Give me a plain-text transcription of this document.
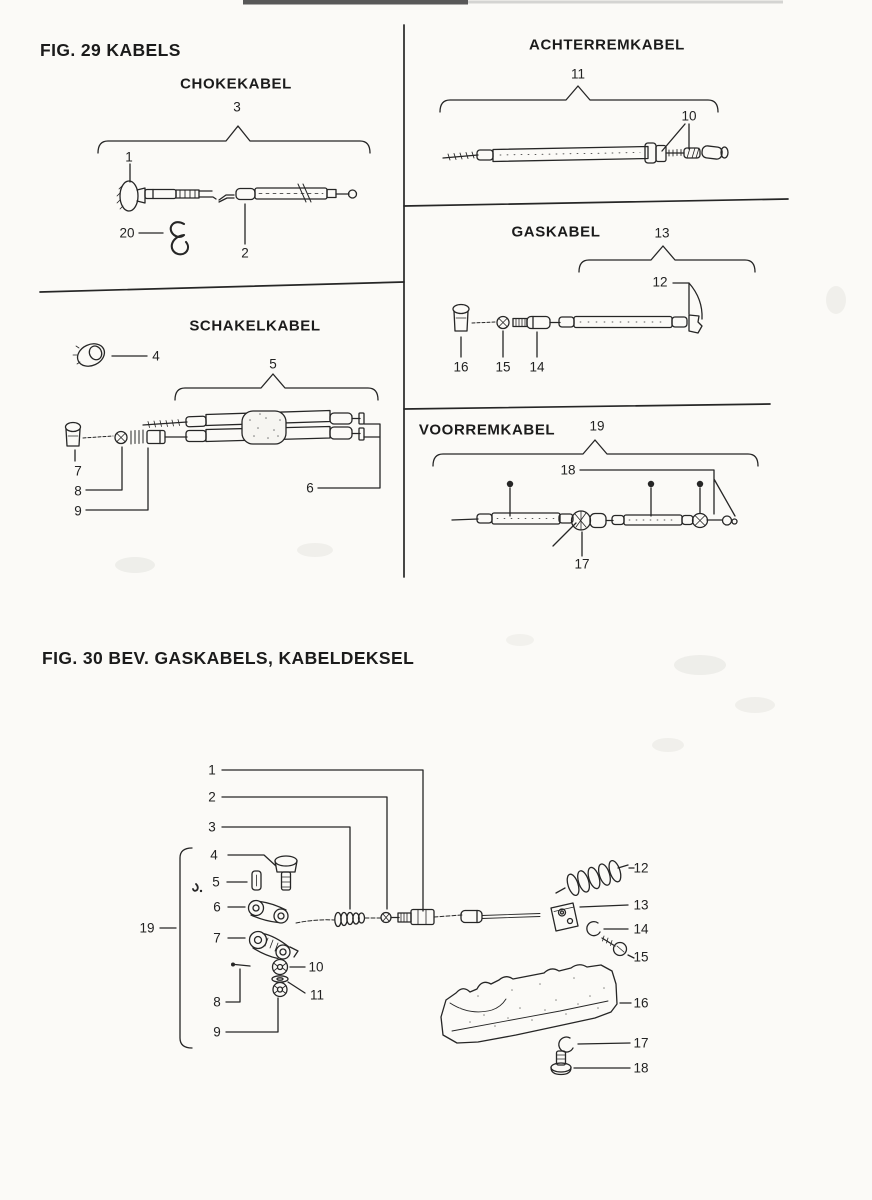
FIG. 29 KABELS
FIG. 30 BEV. GASKABELS, KABELDEKSEL
CHOKEKABEL
ACHTERREMKABEL
GASKABEL
SCHAKELKABEL
VOORREMKABEL
3
1
20
2
11
10
13
12
16 15 14
4
5
7
8
9
6
19
18
17
1
2
3
4
5
6
19
7
10
11
8
9
12
13
14
15
16
17
18
